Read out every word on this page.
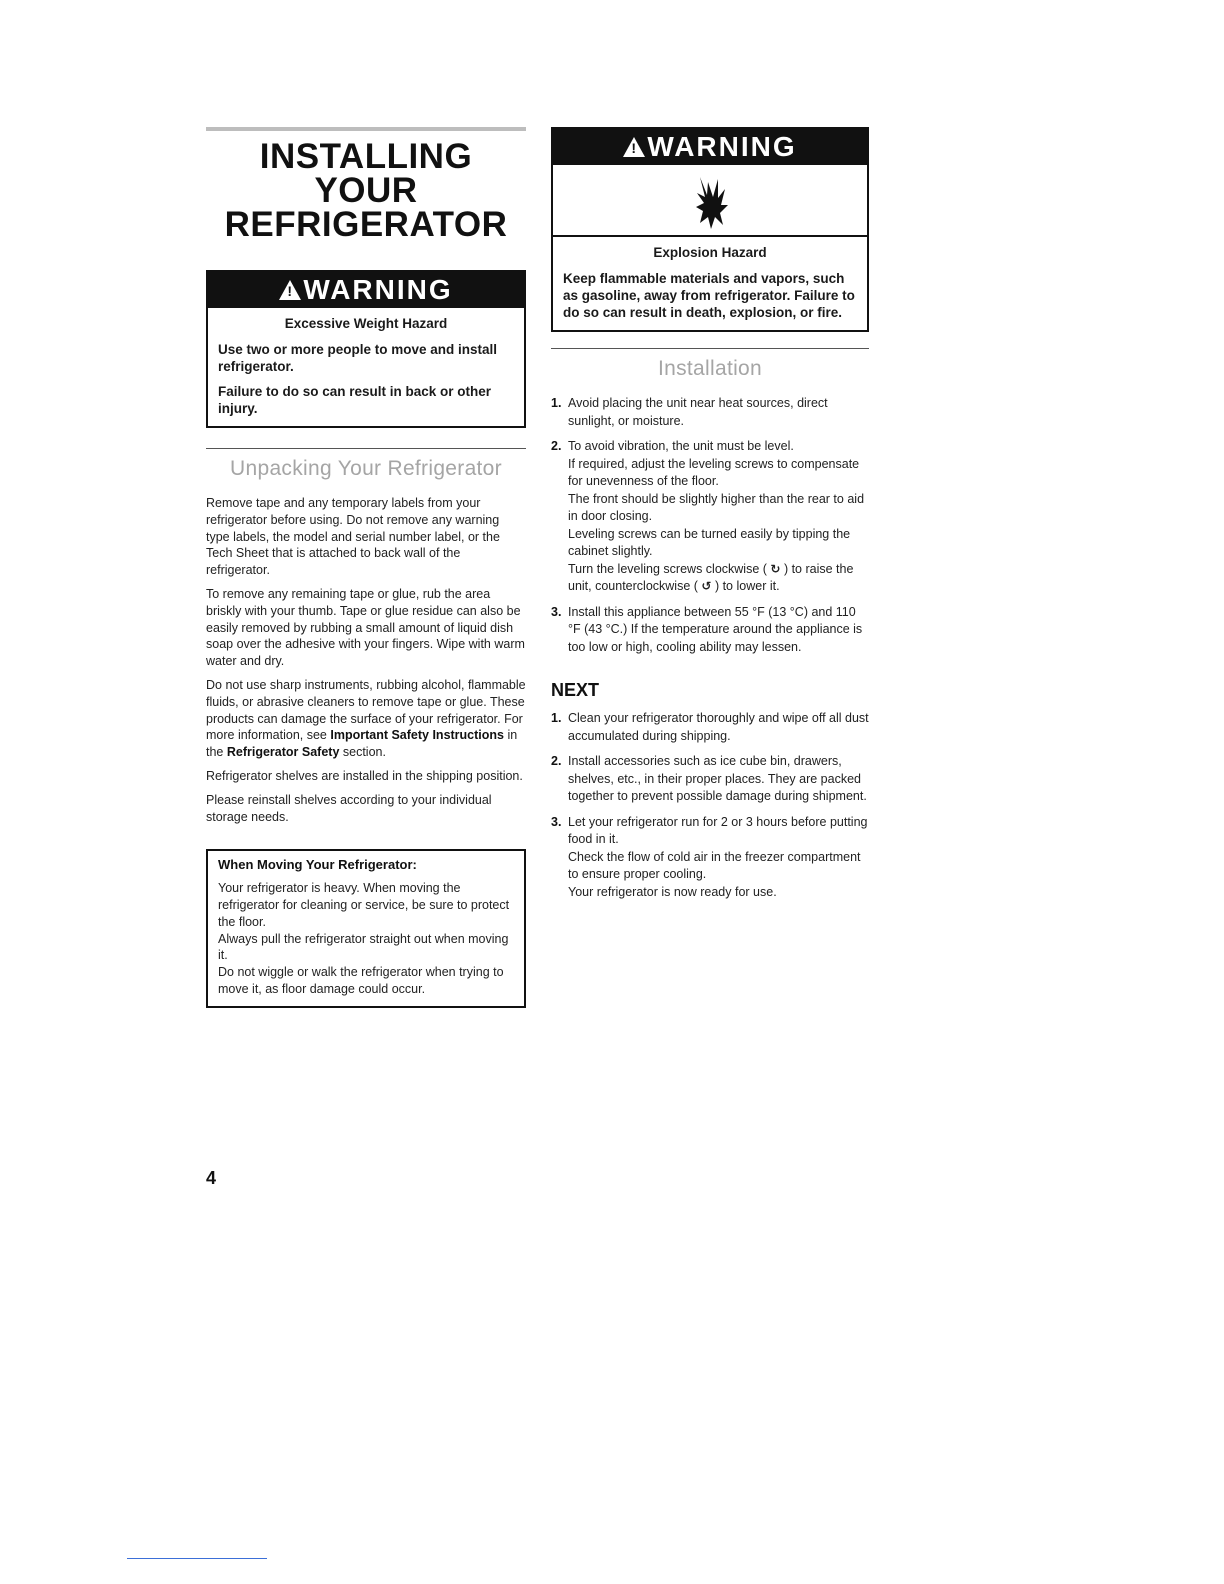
INSTALLING YOUR
REFRIGERATOR
!WARNING
Excessive Weight Hazard

Use two or more people to move and install refrigerator.

Failure to do so can result in back or other injury.

Unpacking Your Refrigerator

Remove tape and any temporary labels from your refrigerator before using. Do not remove any warning type labels, the model and serial number label, or the Tech Sheet that is attached to back wall of the refrigerator.

To remove any remaining tape or glue, rub the area briskly with your thumb. Tape or glue residue can also be easily removed by rubbing a small amount of liquid dish soap over the adhesive with your fingers. Wipe with warm water and dry.

Do not use sharp instruments, rubbing alcohol, flammable fluids, or abrasive cleaners to remove tape or glue. These products can damage the surface of your refrigerator. For more information, see Important Safety Instructions in the Refrigerator Safety section.

Refrigerator shelves are installed in the shipping position.

Please reinstall shelves according to your individual storage needs.

When Moving Your Refrigerator:
Your refrigerator is heavy. When moving the refrigerator for cleaning or service, be sure to protect the floor.
Always pull the refrigerator straight out when moving it.
Do not wiggle or walk the refrigerator when trying to move it, as floor damage could occur.
!WARNING
Explosion Hazard

Keep flammable materials and vapors, such as gasoline, away from refrigerator. Failure to do so can result in death, explosion, or fire.

Installation
1. Avoid placing the unit near heat sources, direct sunlight, or moisture.
2. To avoid vibration, the unit must be level.
If required, adjust the leveling screws to compensate for unevenness of the floor.
The front should be slightly higher than the rear to aid in door closing.
Leveling screws can be turned easily by tipping the cabinet slightly.
Turn the leveling screws clockwise ( ↻ ) to raise the unit, counterclockwise ( ↺ ) to lower it.
3. Install this appliance between 55 °F (13 °C) and 110 °F (43 °C.) If the temperature around the appliance is too low or high, cooling ability may lessen.
NEXT
1. Clean your refrigerator thoroughly and wipe off all dust accumulated during shipping.
2. Install accessories such as ice cube bin, drawers, shelves, etc., in their proper places. They are packed together to prevent possible damage during shipment.
3. Let your refrigerator run for 2 or 3 hours before putting food in it.
Check the flow of cold air in the freezer compartment to ensure proper cooling.
Your refrigerator is now ready for use.
4
